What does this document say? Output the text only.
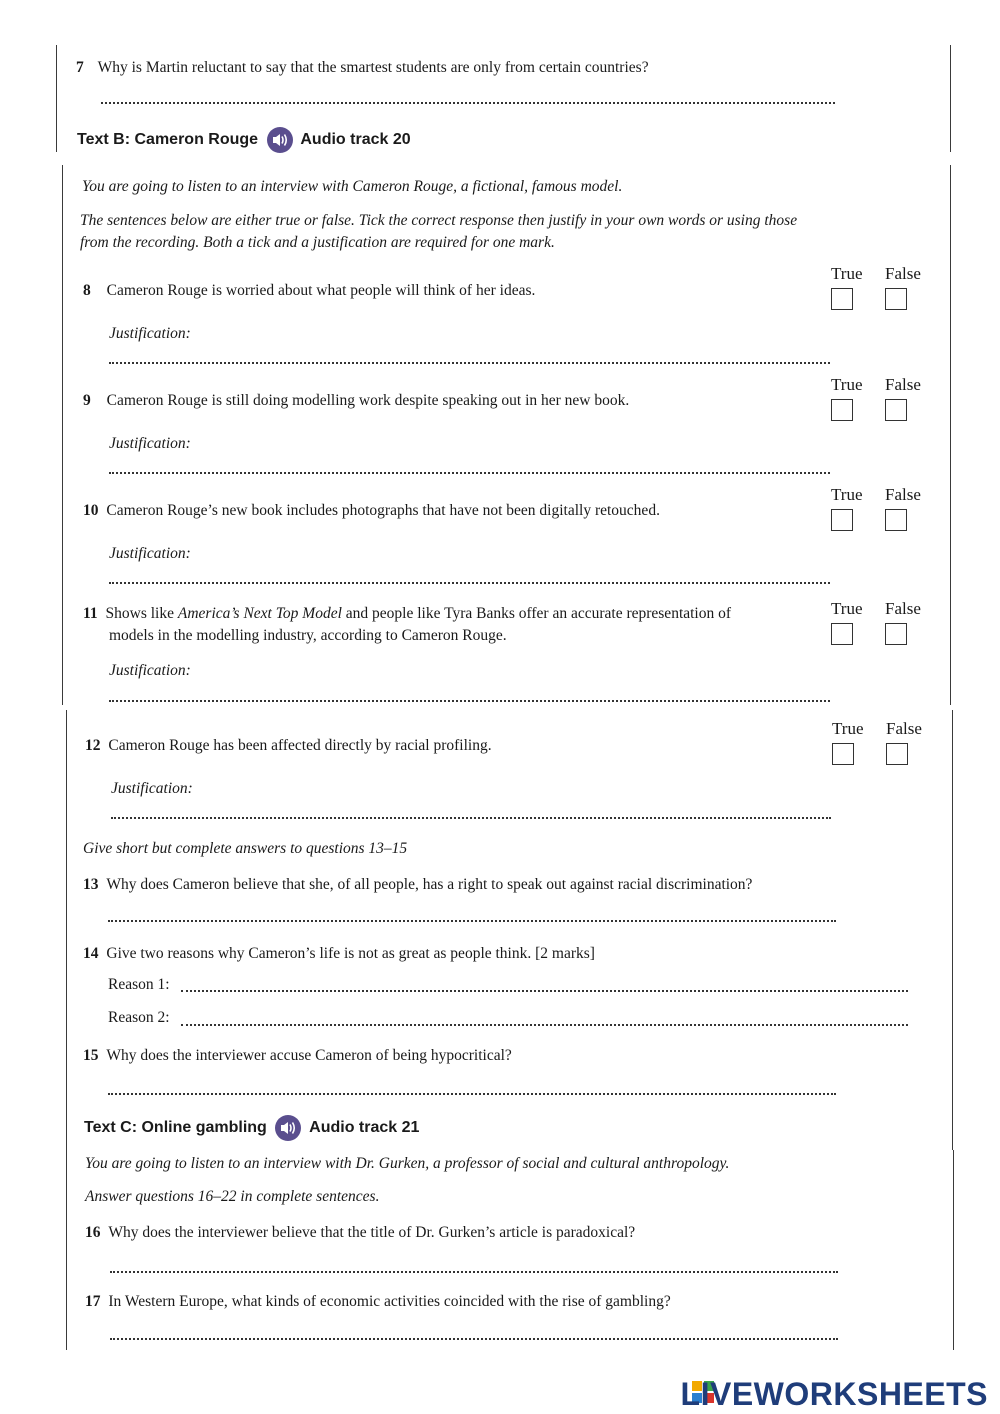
7 Why is Martin reluctant to say that the smartest students are only from certain countries?
Text B: Cameron Rouge	Audio track 20
You are going to listen to an interview with Cameron Rouge, a fictional, famous model.
The sentences below are either true or false. Tick the correct response then justify in your own words or using those
from the recording. Both a tick and a justification are required for one mark.
True False
8 Cameron Rouge is worried about what people will think of her ideas.
Justification:
True False
9 Cameron Rouge is still doing modelling work despite speaking out in her new book.
Justification:
True False
10 Cameron Rouge’s new book includes photographs that have not been digitally retouched.
Justification:
True False
11 Shows like America’s Next Top Model and people like Tyra Banks offer an accurate representation of
models in the modelling industry, according to Cameron Rouge.
Justification:
True False
12 Cameron Rouge has been affected directly by racial profiling.
Justification:
Give short but complete answers to questions 13–15
13 Why does Cameron believe that she, of all people, has a right to speak out against racial discrimination?
14 Give two reasons why Cameron’s life is not as great as people think. [2 marks]
Reason 1:
Reason 2:
15 Why does the interviewer accuse Cameron of being hypocritical?
Text C: Online gambling	Audio track 21
You are going to listen to an interview with Dr. Gurken, a professor of social and cultural anthropology.
Answer questions 16–22 in complete sentences.
16 Why does the interviewer believe that the title of Dr. Gurken’s article is paradoxical?
17 In Western Europe, what kinds of economic activities coincided with the rise of gambling?
LIVEWORKSHEETS
